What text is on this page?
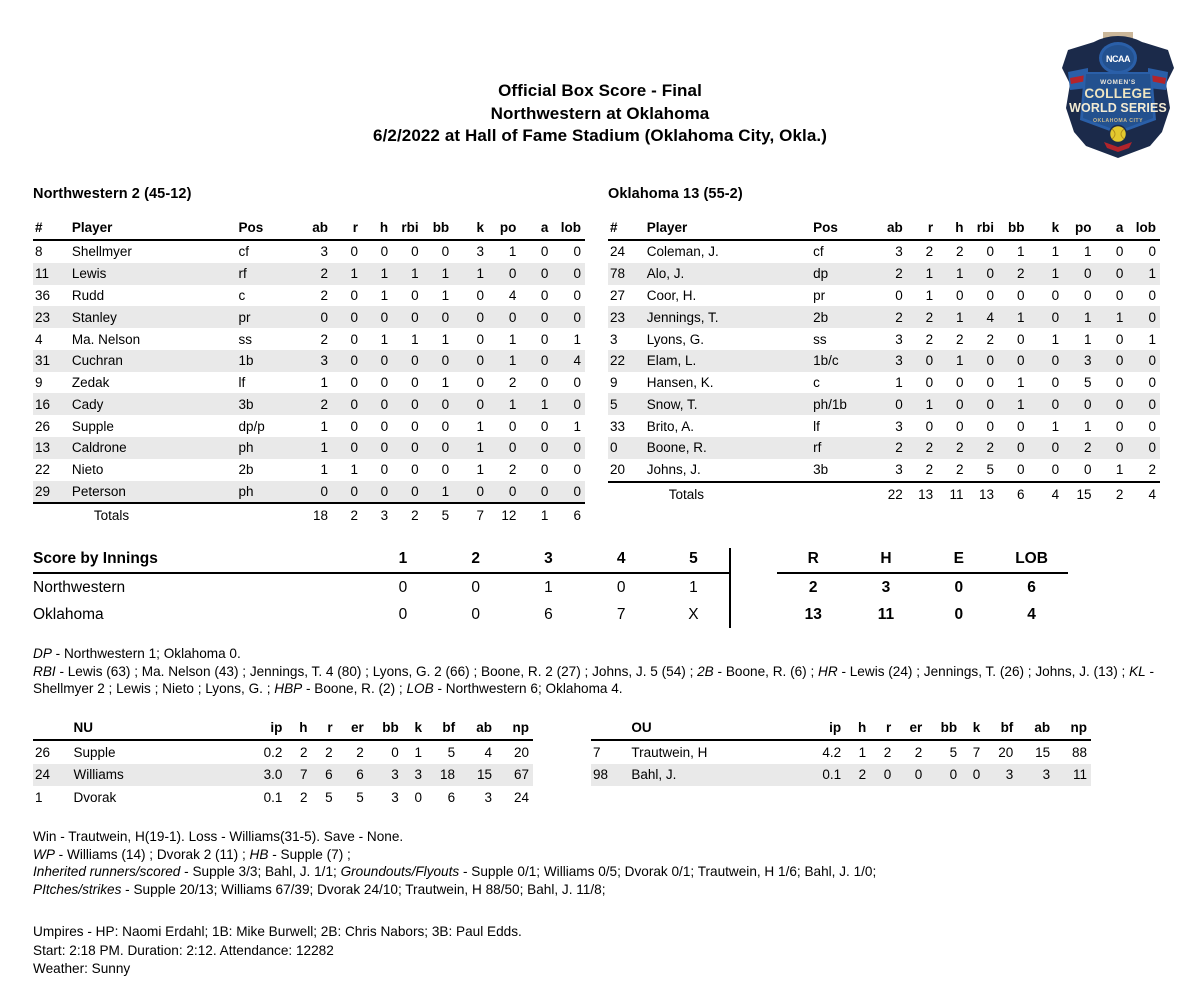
NCAA
WOMEN'S
COLLEGE
WORLD SERIES
OKLAHOMA CITY
Official Box Score - Final
Northwestern at Oklahoma
6/2/2022 at Hall of Fame Stadium (Oklahoma City, Okla.)
Northwestern 2 (45-12)
#	Player	Pos	ab	r	h	rbi	bb	k	po	a	lob
8	Shellmyer	cf	3	0	0	0	0	3	1	0	0
11	Lewis	rf	2	1	1	1	1	1	0	0	0
36	Rudd	c	2	0	1	0	1	0	4	0	0
23	Stanley	pr	0	0	0	0	0	0	0	0	0
4	Ma. Nelson	ss	2	0	1	1	1	0	1	0	1
31	Cuchran	1b	3	0	0	0	0	0	1	0	4
9	Zedak	lf	1	0	0	0	1	0	2	0	0
16	Cady	3b	2	0	0	0	0	0	1	1	0
26	Supple	dp/p	1	0	0	0	0	1	0	0	1
13	Caldrone	ph	1	0	0	0	0	1	0	0	0
22	Nieto	2b	1	1	0	0	0	1	2	0	0
29	Peterson	ph	0	0	0	0	1	0	0	0	0
	Totals		18	2	3	2	5	7	12	1	6
Oklahoma 13 (55-2)
#	Player	Pos	ab	r	h	rbi	bb	k	po	a	lob
24	Coleman, J.	cf	3	2	2	0	1	1	1	0	0
78	Alo, J.	dp	2	1	1	0	2	1	0	0	1
27	Coor, H.	pr	0	1	0	0	0	0	0	0	0
23	Jennings, T.	2b	2	2	1	4	1	0	1	1	0
3	Lyons, G.	ss	3	2	2	2	0	1	1	0	1
22	Elam, L.	1b/c	3	0	1	0	0	0	3	0	0
9	Hansen, K.	c	1	0	0	0	1	0	5	0	0
5	Snow, T.	ph/1b	0	1	0	0	1	0	0	0	0
33	Brito, A.	lf	3	0	0	0	0	1	1	0	0
0	Boone, R.	rf	2	2	2	2	0	0	2	0	0
20	Johns, J.	3b	3	2	2	5	0	0	0	1	2
	Totals		22	13	11	13	6	4	15	2	4
Score by Innings	1	2	3	4	5		R	H	E	LOB
Northwestern	0	0	1	0	1		2	3	0	6
Oklahoma	0	0	6	7	X		13	11	0	4
DP - Northwestern 1; Oklahoma 0.
RBI - Lewis (63) ; Ma. Nelson (43) ; Jennings, T. 4 (80) ; Lyons, G. 2 (66) ; Boone, R. 2 (27) ; Johns, J. 5 (54) ; 2B - Boone, R. (6) ; HR - Lewis (24) ; Jennings, T. (26) ; Johns, J. (13) ; KL - Shellmyer 2 ; Lewis ; Nieto ; Lyons, G. ; HBP - Boone, R. (2) ; LOB - Northwestern 6; Oklahoma 4.
	NU	ip	h	r	er	bb	k	bf	ab	np
26	Supple	0.2	2	2	2	0	1	5	4	20
24	Williams	3.0	7	6	6	3	3	18	15	67
1	Dvorak	0.1	2	5	5	3	0	6	3	24
	OU	ip	h	r	er	bb	k	bf	ab	np
7	Trautwein, H	4.2	1	2	2	5	7	20	15	88
98	Bahl, J.	0.1	2	0	0	0	0	3	3	11
Win - Trautwein, H(19-1). Loss - Williams(31-5). Save - None.
WP - Williams (14) ; Dvorak 2 (11) ; HB - Supple (7) ;
Inherited runners/scored - Supple 3/3; Bahl, J. 1/1; Groundouts/Flyouts - Supple 0/1; Williams 0/5; Dvorak 0/1; Trautwein, H 1/6; Bahl, J. 1/0;
PItches/strikes - Supple 20/13; Williams 67/39; Dvorak 24/10; Trautwein, H 88/50; Bahl, J. 11/8;
Umpires - HP: Naomi Erdahl; 1B: Mike Burwell; 2B: Chris Nabors; 3B: Paul Edds.
Start: 2:18 PM. Duration: 2:12. Attendance: 12282
Weather: Sunny
